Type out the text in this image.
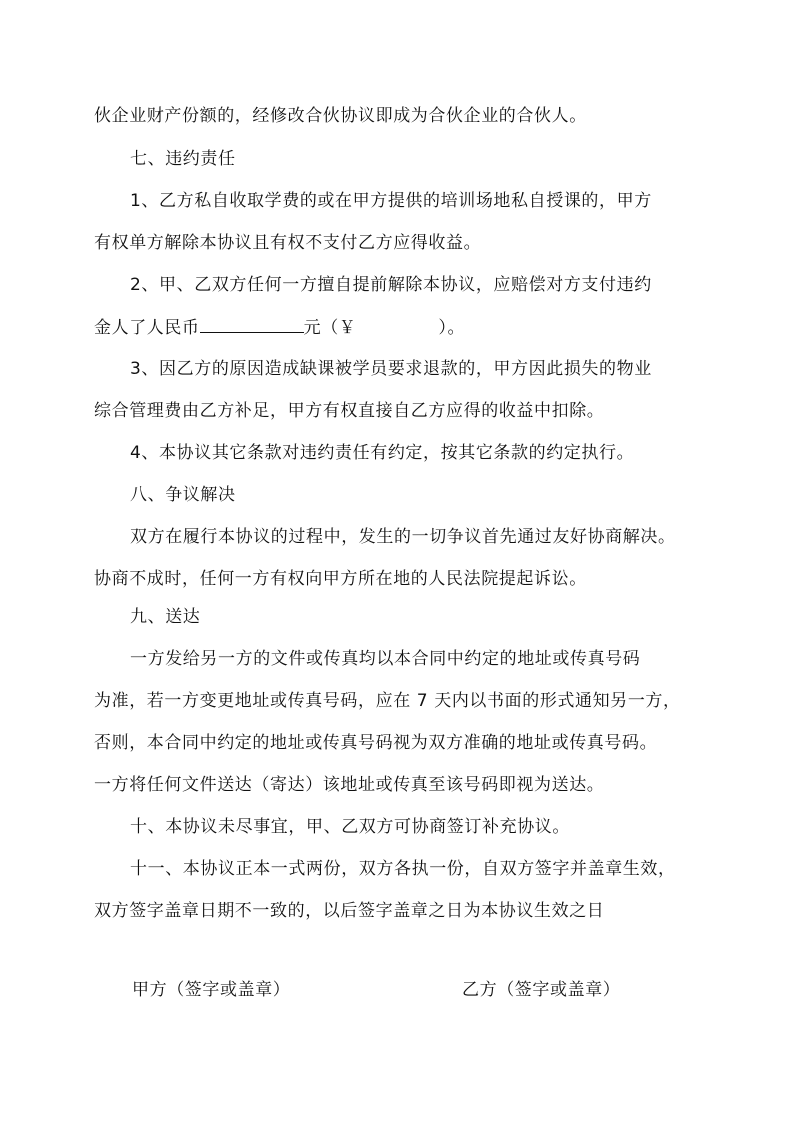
伙企业财产份额的，经修改合伙协议即成为合伙企业的合伙人。
七、违约责任
1、乙方私自收取学费的或在甲方提供的培训场地私自授课的，甲方
有权单方解除本协议且有权不支付乙方应得收益。
2、甲、乙双方任何一方擅自提前解除本协议，应赔偿对方支付违约
金人了人民币	元（￥	）。
3、因乙方的原因造成缺课被学员要求退款的，甲方因此损失的物业
综合管理费由乙方补足，甲方有权直接自乙方应得的收益中扣除。
4、本协议其它条款对违约责任有约定，按其它条款的约定执行。
八、争议解决
双方在履行本协议的过程中，发生的一切争议首先通过友好协商解决。
协商不成时，任何一方有权向甲方所在地的人民法院提起诉讼。
九、送达
一方发给另一方的文件或传真均以本合同中约定的地址或传真号码
为准，若一方变更地址或传真号码，应在 7 天内以书面的形式通知另一方，
否则，本合同中约定的地址或传真号码视为双方准确的地址或传真号码。
一方将任何文件送达（寄达）该地址或传真至该号码即视为送达。
十、本协议未尽事宜，甲、乙双方可协商签订补充协议。
十一、本协议正本一式两份，双方各执一份，自双方签字并盖章生效，
双方签字盖章日期不一致的，以后签字盖章之日为本协议生效之日
甲方（签字或盖章）	乙方（签字或盖章）
